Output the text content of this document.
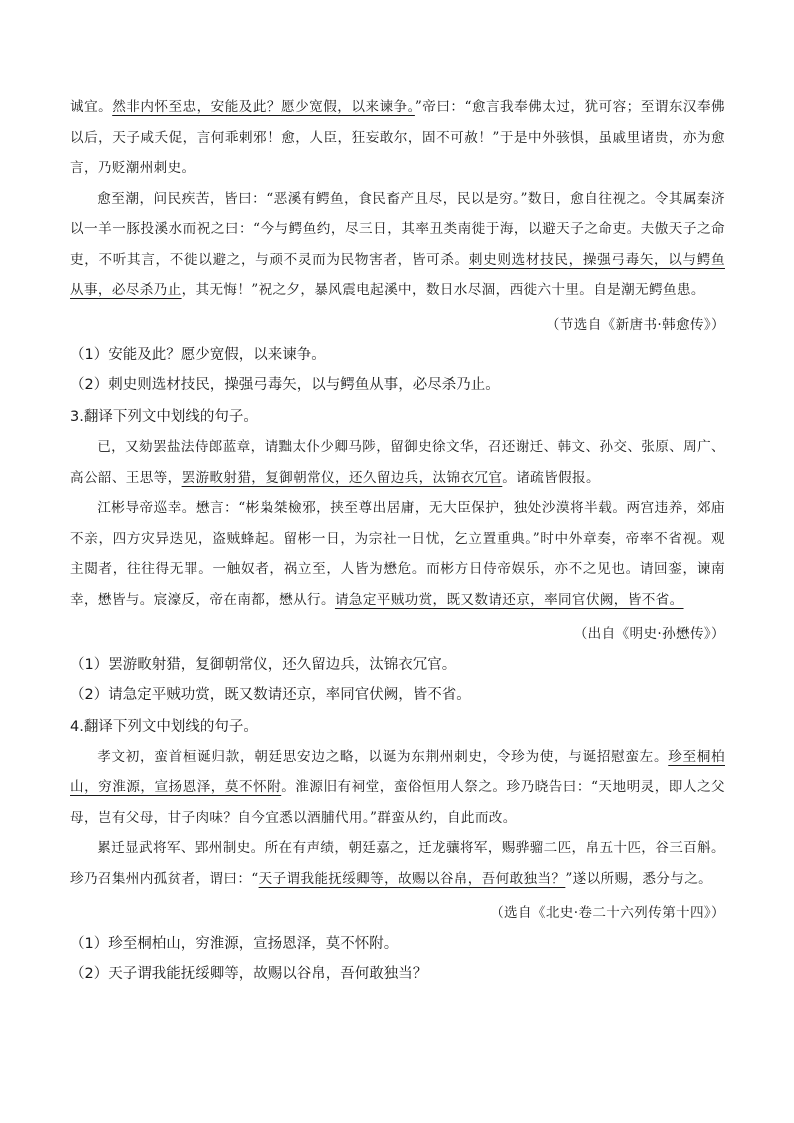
诚宜。然非内怀至忠，安能及此？愿少宽假，以来谏争。”帝曰：“愈言我奉佛太过，犹可容；至谓东汉奉佛以后，天子咸夭促，言何乖剌邪！愈，人臣，狂妄敢尔，固不可赦！”于是中外骇惧，虽戚里诸贵，亦为愈言，乃贬潮州刺史。

愈至潮，问民疾苦，皆曰：“恶溪有鳄鱼，食民畜产且尽，民以是穷。”数日，愈自往视之。令其属秦济以一羊一豚投溪水而祝之曰：“今与鳄鱼约，尽三日，其率丑类南徙于海，以避天子之命吏。夫傲天子之命吏，不听其言，不徙以避之，与顽不灵而为民物害者，皆可杀。刺史则选材技民，操强弓毒矢，以与鳄鱼从事，必尽杀乃止，其无悔！”祝之夕，暴风震电起溪中，数日水尽涸，西徙六十里。自是潮无鳄鱼患。

（节选自《新唐书·韩愈传》）

（1）安能及此？愿少宽假，以来谏争。

（2）刺史则选材技民，操强弓毒矢，以与鳄鱼从事，必尽杀乃止。

3.翻译下列文中划线的句子。

已，又劾罢盐法侍郎蓝章，请黜太仆少卿马陟，留御史徐文华，召还谢迁、韩文、孙交、张原、周广、高公韶、王思等，罢游畋射猎，复御朝常仪，还久留边兵，汰锦衣冗官。诸疏皆假报。

江彬导帝巡幸。懋言：“彬枭桀檢邪，挟至尊出居庸，无大臣保护，独处沙漠将半载。两宫违养，郊庙不亲，四方灾异迭见，盗贼蜂起。留彬一日，为宗社一日忧，乞立置重典。”时中外章奏，帝率不省视。观主閲者，往往得无罪。一触奴者，祸立至，人皆为懋危。而彬方日侍帝娱乐，亦不之见也。请回銮，谏南幸，懋皆与。宸濠反，帝在南都，懋从行。请急定平贼功赏，既又数请还京，率同官伏阙，皆不省。

（出自《明史·孙懋传》）

（1）罢游畋射猎，复御朝常仪，还久留边兵，汰锦衣冗官。

（2）请急定平贼功赏，既又数请还京，率同官伏阙，皆不省。

4.翻译下列文中划线的句子。

孝文初，蛮首桓诞归款，朝廷思安边之略，以诞为东荆州刺史，令珍为使，与诞招慰蛮左。珍至桐柏山，穷淮源，宣扬恩泽，莫不怀附。淮源旧有祠堂，蛮俗恒用人祭之。珍乃晓告曰：“天地明灵，即人之父母，岂有父母，甘子肉味？自今宜悉以酒脯代用。”群蛮从约，自此而改。

累迁显武将军、郢州制史。所在有声绩，朝廷嘉之，迁龙骧将军，赐骅骝二匹，帛五十匹，谷三百斛。珍乃召集州内孤贫者，谓曰：“天子谓我能抚绥卿等，故赐以谷帛，吾何敢独当？”遂以所赐，悉分与之。

（选自《北史·卷二十六列传第十四》）

（1）珍至桐柏山，穷淮源，宣扬恩泽，莫不怀附。

（2）天子谓我能抚绥卿等，故赐以谷帛，吾何敢独当？
